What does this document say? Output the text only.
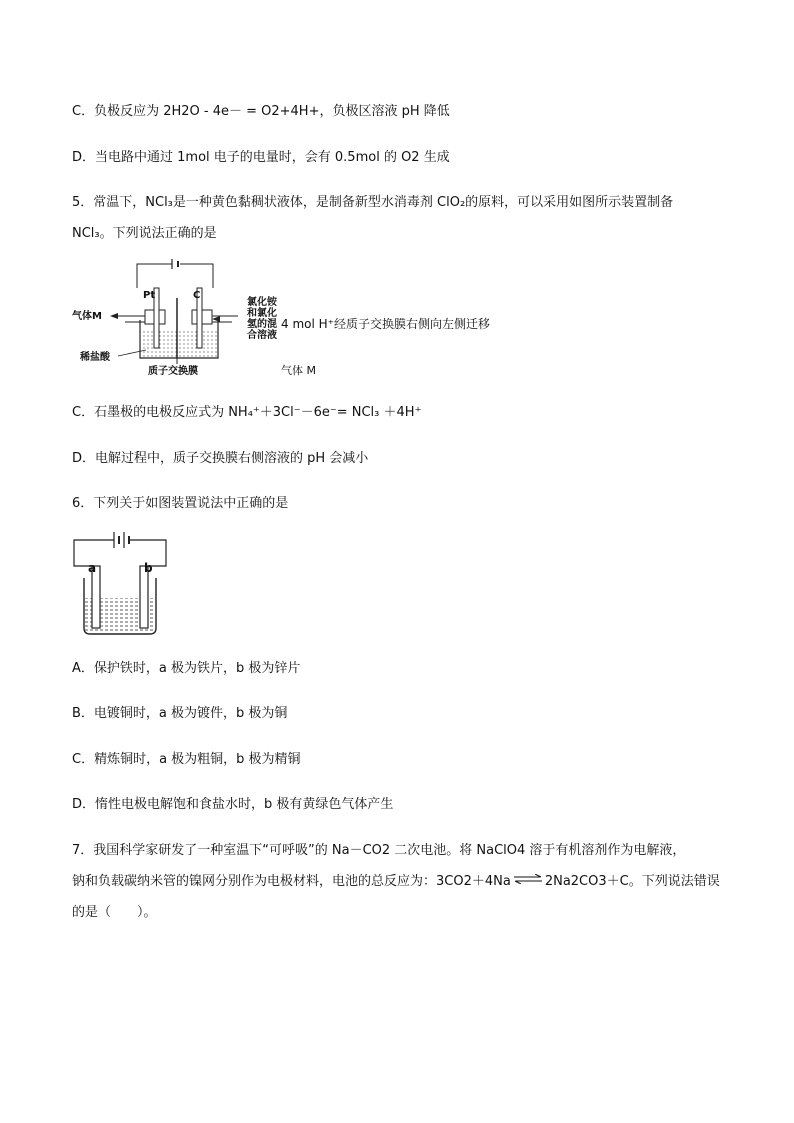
C．负极反应为 2H2O - 4e－ = O2+4H+，负极区溶液 pH 降低
D．当电路中通过 1mol 电子的电量时，会有 0.5mol 的 O2 生成
5．常温下，NCl₃是一种黄色黏稠状液体，是制备新型水消毒剂 ClO₂的原料，可以采用如图所示装置制备
NCl₃。下列说法正确的是
Pt	C
气体M
氯化铵
和氯化
氢的混
合溶液
稀盐酸
质子交换膜
4 mol H⁺经质子交换膜右侧向左侧迁移
气体 M
C．石墨极的电极反应式为 NH₄⁺＋3Cl⁻－6e⁻= NCl₃ ＋4H⁺
D．电解过程中，质子交换膜右侧溶液的 pH 会减小
6．下列关于如图装置说法中正确的是
a	b
A．保护铁时，a 极为铁片，b 极为锌片
B．电镀铜时，a 极为镀件，b 极为铜
C．精炼铜时，a 极为粗铜，b 极为精铜
D．惰性电极电解饱和食盐水时，b 极有黄绿色气体产生
7．我国科学家研发了一种室温下“可呼吸”的 Na－CO2 二次电池。将 NaClO4 溶于有机溶剂作为电解液，
钠和负载碳纳米管的镍网分别作为电极材料，电池的总反应为：3CO2＋4Na ⇌ 2Na2CO3＋C。下列说法错误
的是（　　）。
